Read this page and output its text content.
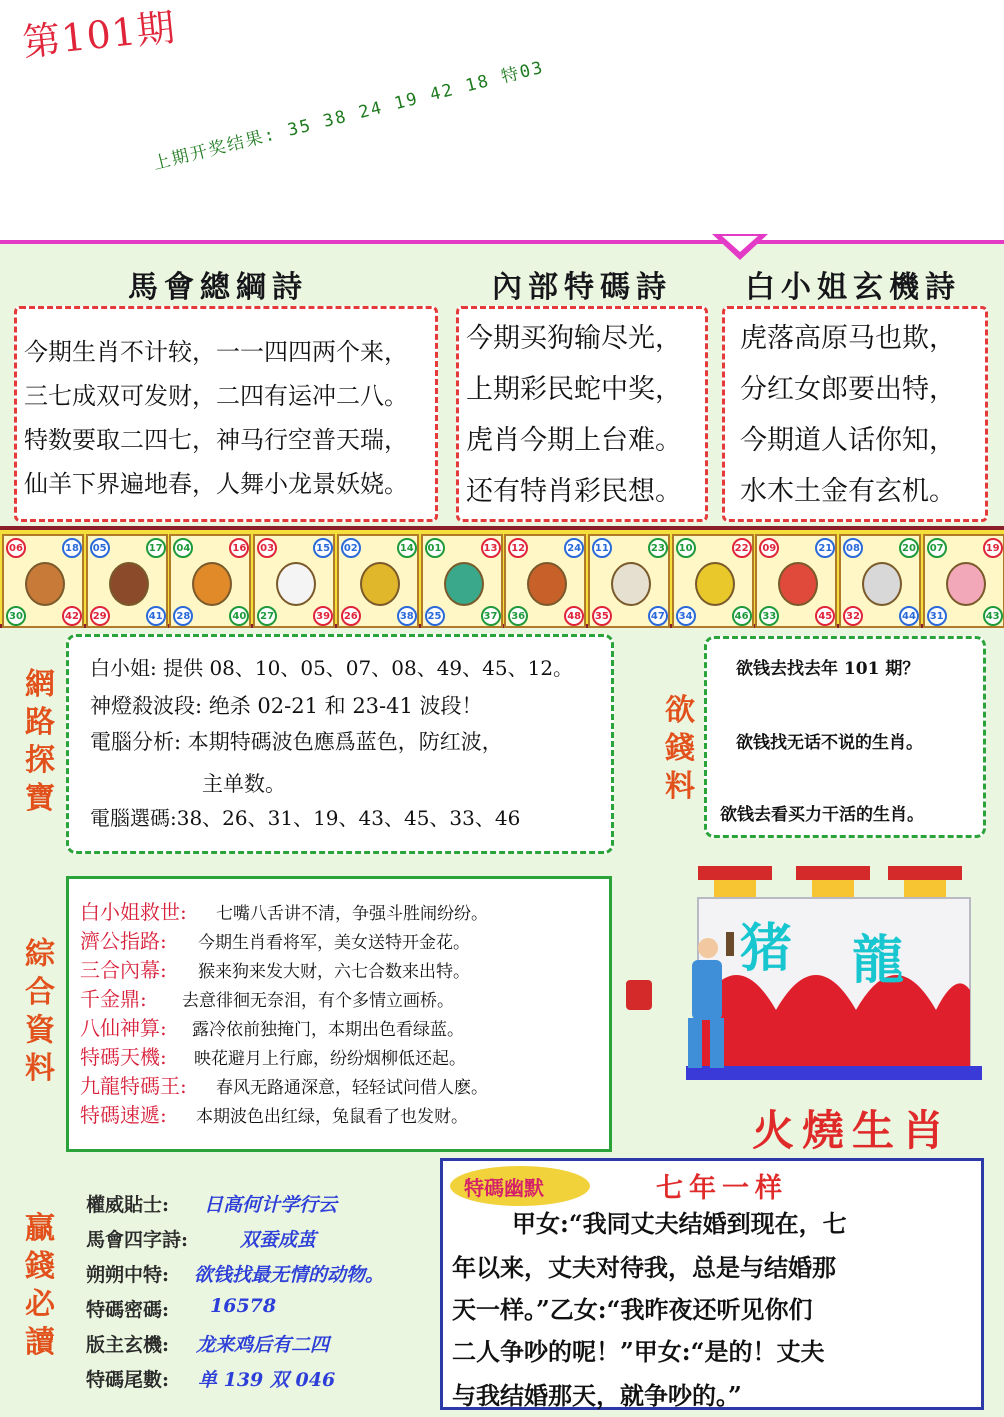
第101期
上期开奖结果: 35 38 24 19 42 18 特03
馬會總綱詩	內部特碼詩 白小姐玄機詩
今期生肖不计较，一一四四两个来，
三七成双可发财，二四有运冲二八。
特数要取二四七，神马行空普天瑞，
仙羊下界遍地春，人舞小龙景妖娆。
今期买狗输尽光，
上期彩民蛇中奖，
虎肖今期上台难。
还有特肖彩民想。
虎落高原马也欺，
分红女郎要出特，
今期道人话你知，
水木土金有玄机。
06	18
30	42
05	17
29	41
04	16
28	40
03	15
27	39
02	14
26	38
01	13
25	37
12	24
36	48
11	23
35	47
10	22
34	46
09	21
33	45
08	20
32	44
07	19
31	43
網
路
探
寶
白小姐: 提供 08、10、05、07、08、49、45、12。
神燈殺波段: 绝杀 02-21 和 23-41 波段！
電腦分析: 本期特碼波色應爲蓝色，防红波，
主单数。
電腦選碼:38、26、31、19、43、45、33、46
欲
錢
料
欲钱去找去年 101 期？
欲钱找无话不说的生肖。
欲钱去看买力干活的生肖。
猪 龍
火燒生肖
綜
合
資
料
白小姐救世: 七嘴八舌讲不清，争强斗胜闹纷纷。
濟公指路: 今期生肖看将军，美女送特开金花。
三合內幕: 猴来狗来发大财，六七合数来出特。
千金鼎: 去意徘徊无奈泪，有个多情立画桥。
八仙神算: 露冷依前独掩门，本期出色看绿蓝。
特碼天機: 映花避月上行廊，纷纷烟柳低还起。
九龍特碼王: 春风无路通深意，轻轻试问借人麽。
特碼速遞: 本期波色出红绿，兔鼠看了也发财。
贏
錢
必
讀
權威貼士: 日高何计学行云
馬會四字詩:	双蚕成茧
朔朔中特: 欲钱找最无情的动物。
特碼密碼: 16578
版主玄機: 龙来鸡后有二四
特碼尾數: 单 139 双 046
特碼幽默	七年一样
甲女:“我同丈夫结婚到现在，七
年以来，丈夫对待我，总是与结婚那
天一样。”乙女:“我昨夜还听见你们
二人争吵的呢！”甲女:“是的！丈夫
与我结婚那天，就争吵的。”
